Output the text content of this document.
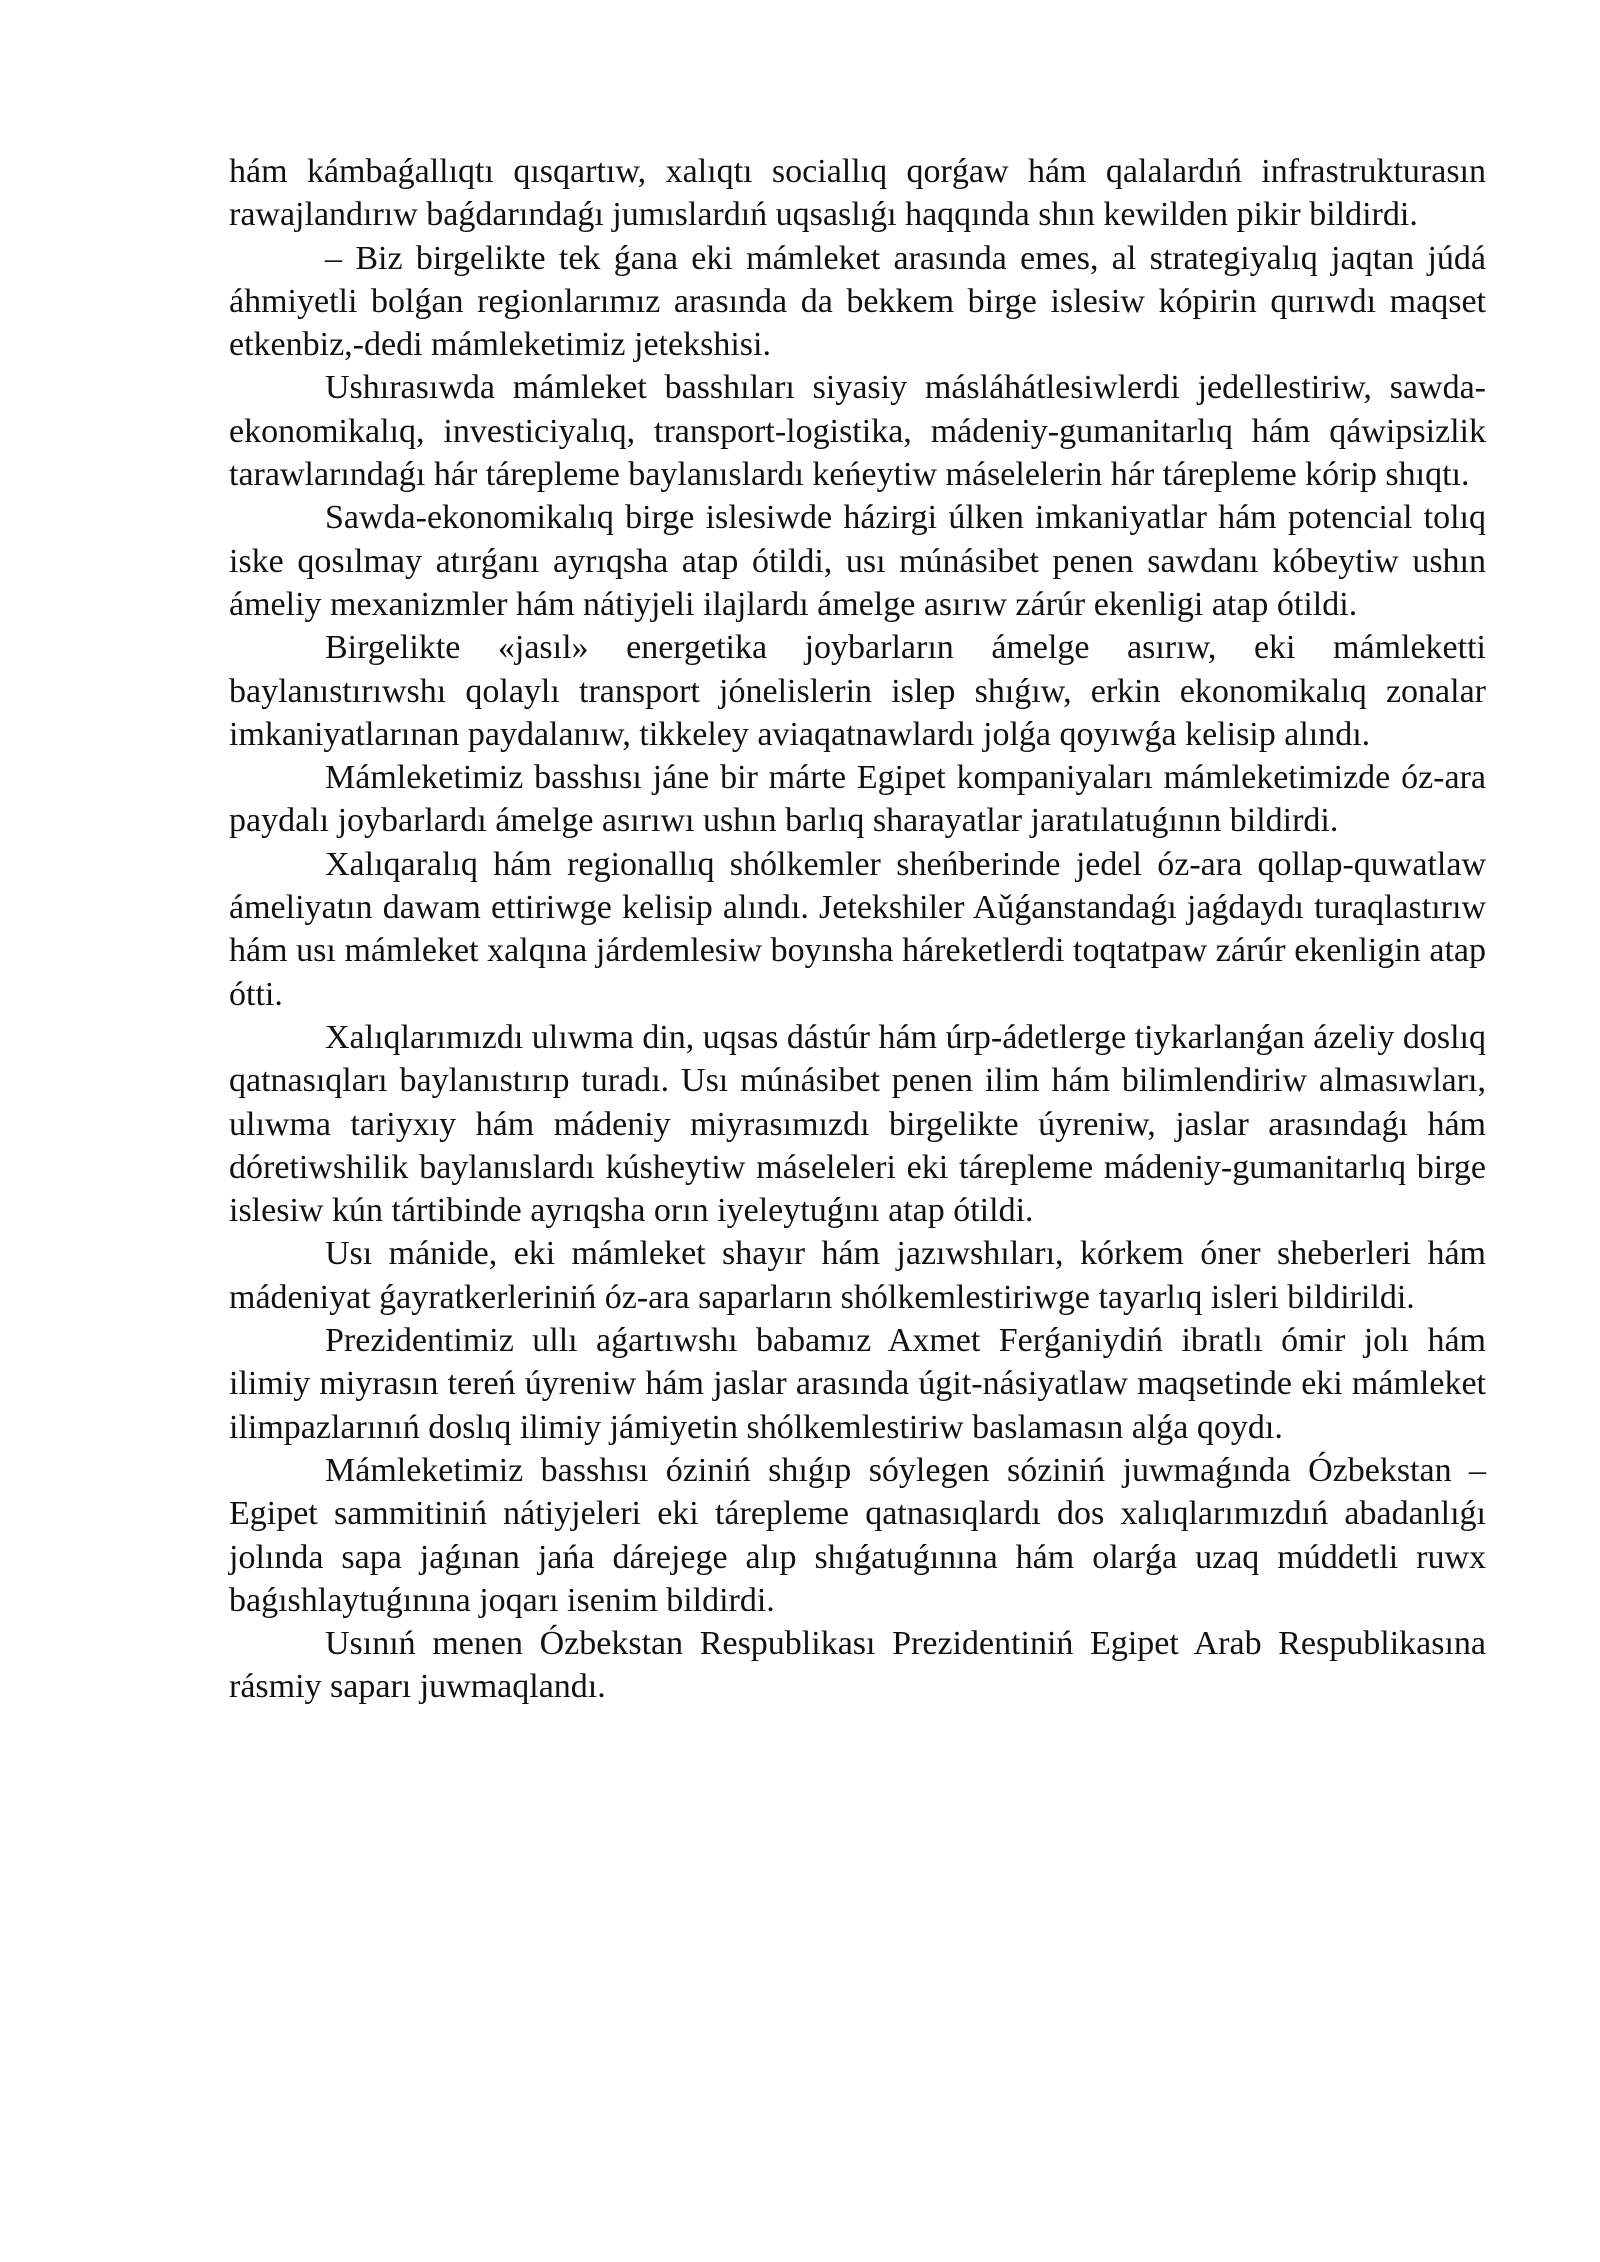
hám kámbaǵallıqtı qısqartıw, xalıqtı sociallıq qorǵaw hám qalalardıń infrastrukturasın rawajlandırıw baǵdarındaǵı jumıslardıń uqsaslıǵı haqqında shın kewilden pikir bildirdi.

– Biz birgelikte tek ǵana eki mámleket arasında emes, al strategiyalıq jaqtan júdá áhmiyetli bolǵan regionlarımız arasında da bekkem birge islesiw kópirin qurıwdı maqset etkenbiz,-dedi mámleketimiz jetekshisi.

Ushırasıwda mámleket basshıları siyasiy másláhátlesiwlerdi jedellestiriw, sawda-ekonomikalıq, investiciyalıq, transport-logistika, mádeniy-gumanitarlıq hám qáwipsizlik tarawlarındaǵı hár tárepleme baylanıslardı keńeytiw máselelerin hár tárepleme kórip shıqtı.

Sawda-ekonomikalıq birge islesiwde házirgi úlken imkaniyatlar hám potencial tolıq iske qosılmay atırǵanı ayrıqsha atap ótildi, usı múnásibet penen sawdanı kóbeytiw ushın ámeliy mexanizmler hám nátiyjeli ilajlardı ámelge asırıw zárúr ekenligi atap ótildi.

Birgelikte «jasıl» energetika joybarların ámelge asırıw, eki mámleketti baylanıstırıwshı qolaylı transport jónelislerin islep shıǵıw, erkin ekonomikalıq zonalar imkaniyatlarınan paydalanıw, tikkeley aviaqatnawlardı jolǵa qoyıwǵa kelisip alındı.

Mámleketimiz basshısı jáne bir márte Egipet kompaniyaları mámleketimizde óz-ara paydalı joybarlardı ámelge asırıwı ushın barlıq sharayatlar jaratılatuǵının bildirdi.

Xalıqaralıq hám regionallıq shólkemler sheńberinde jedel óz-ara qollap-quwatlaw ámeliyatın dawam ettiriwge kelisip alındı. Jetekshiler Aǔǵanstandaǵı jaǵdaydı turaqlastırıw hám usı mámleket xalqına járdemlesiw boyınsha háreketlerdi toqtatpaw zárúr ekenligin atap ótti.

Xalıqlarımızdı ulıwma din, uqsas dástúr hám úrp-ádetlerge tiykarlanǵan ázeliy doslıq qatnasıqları baylanıstırıp turadı. Usı múnásibet penen ilim hám bilimlendiriw almasıwları, ulıwma tariyxıy hám mádeniy miyrasımızdı birgelikte úyreniw, jaslar arasındaǵı hám dóretiwshilik baylanıslardı kúsheytiw máseleleri eki tárepleme mádeniy-gumanitarlıq birge islesiw kún tártibinde ayrıqsha orın iyeleytuǵını atap ótildi.

Usı mánide, eki mámleket shayır hám jazıwshıları, kórkem óner sheberleri hám mádeniyat ǵayratkerleriniń óz-ara saparların shólkemlestiriwge tayarlıq isleri bildirildi.

Prezidentimiz ullı aǵartıwshı babamız Axmet Ferǵaniydiń ibratlı ómir jolı hám ilimiy miyrasın tereń úyreniw hám jaslar arasında úgit-násiyatlaw maqsetinde eki mámleket ilimpazlarınıń doslıq ilimiy jámiyetin shólkemlestiriw baslamasın alǵa qoydı.

Mámleketimiz basshısı óziniń shıǵıp sóylegen sóziniń juwmaǵında Ózbekstan – Egipet sammitiniń nátiyjeleri eki tárepleme qatnasıqlardı dos xalıqlarımızdıń abadanlıǵı jolında sapa jaǵınan jańa dárejege alıp shıǵatuǵınına hám olarǵa uzaq múddetli ruwx baǵıshlaytuǵınına joqarı isenim bildirdi.

Usınıń menen Ózbekstan Respublikası Prezidentiniń Egipet Arab Respublikasına rásmiy saparı juwmaqlandı.
